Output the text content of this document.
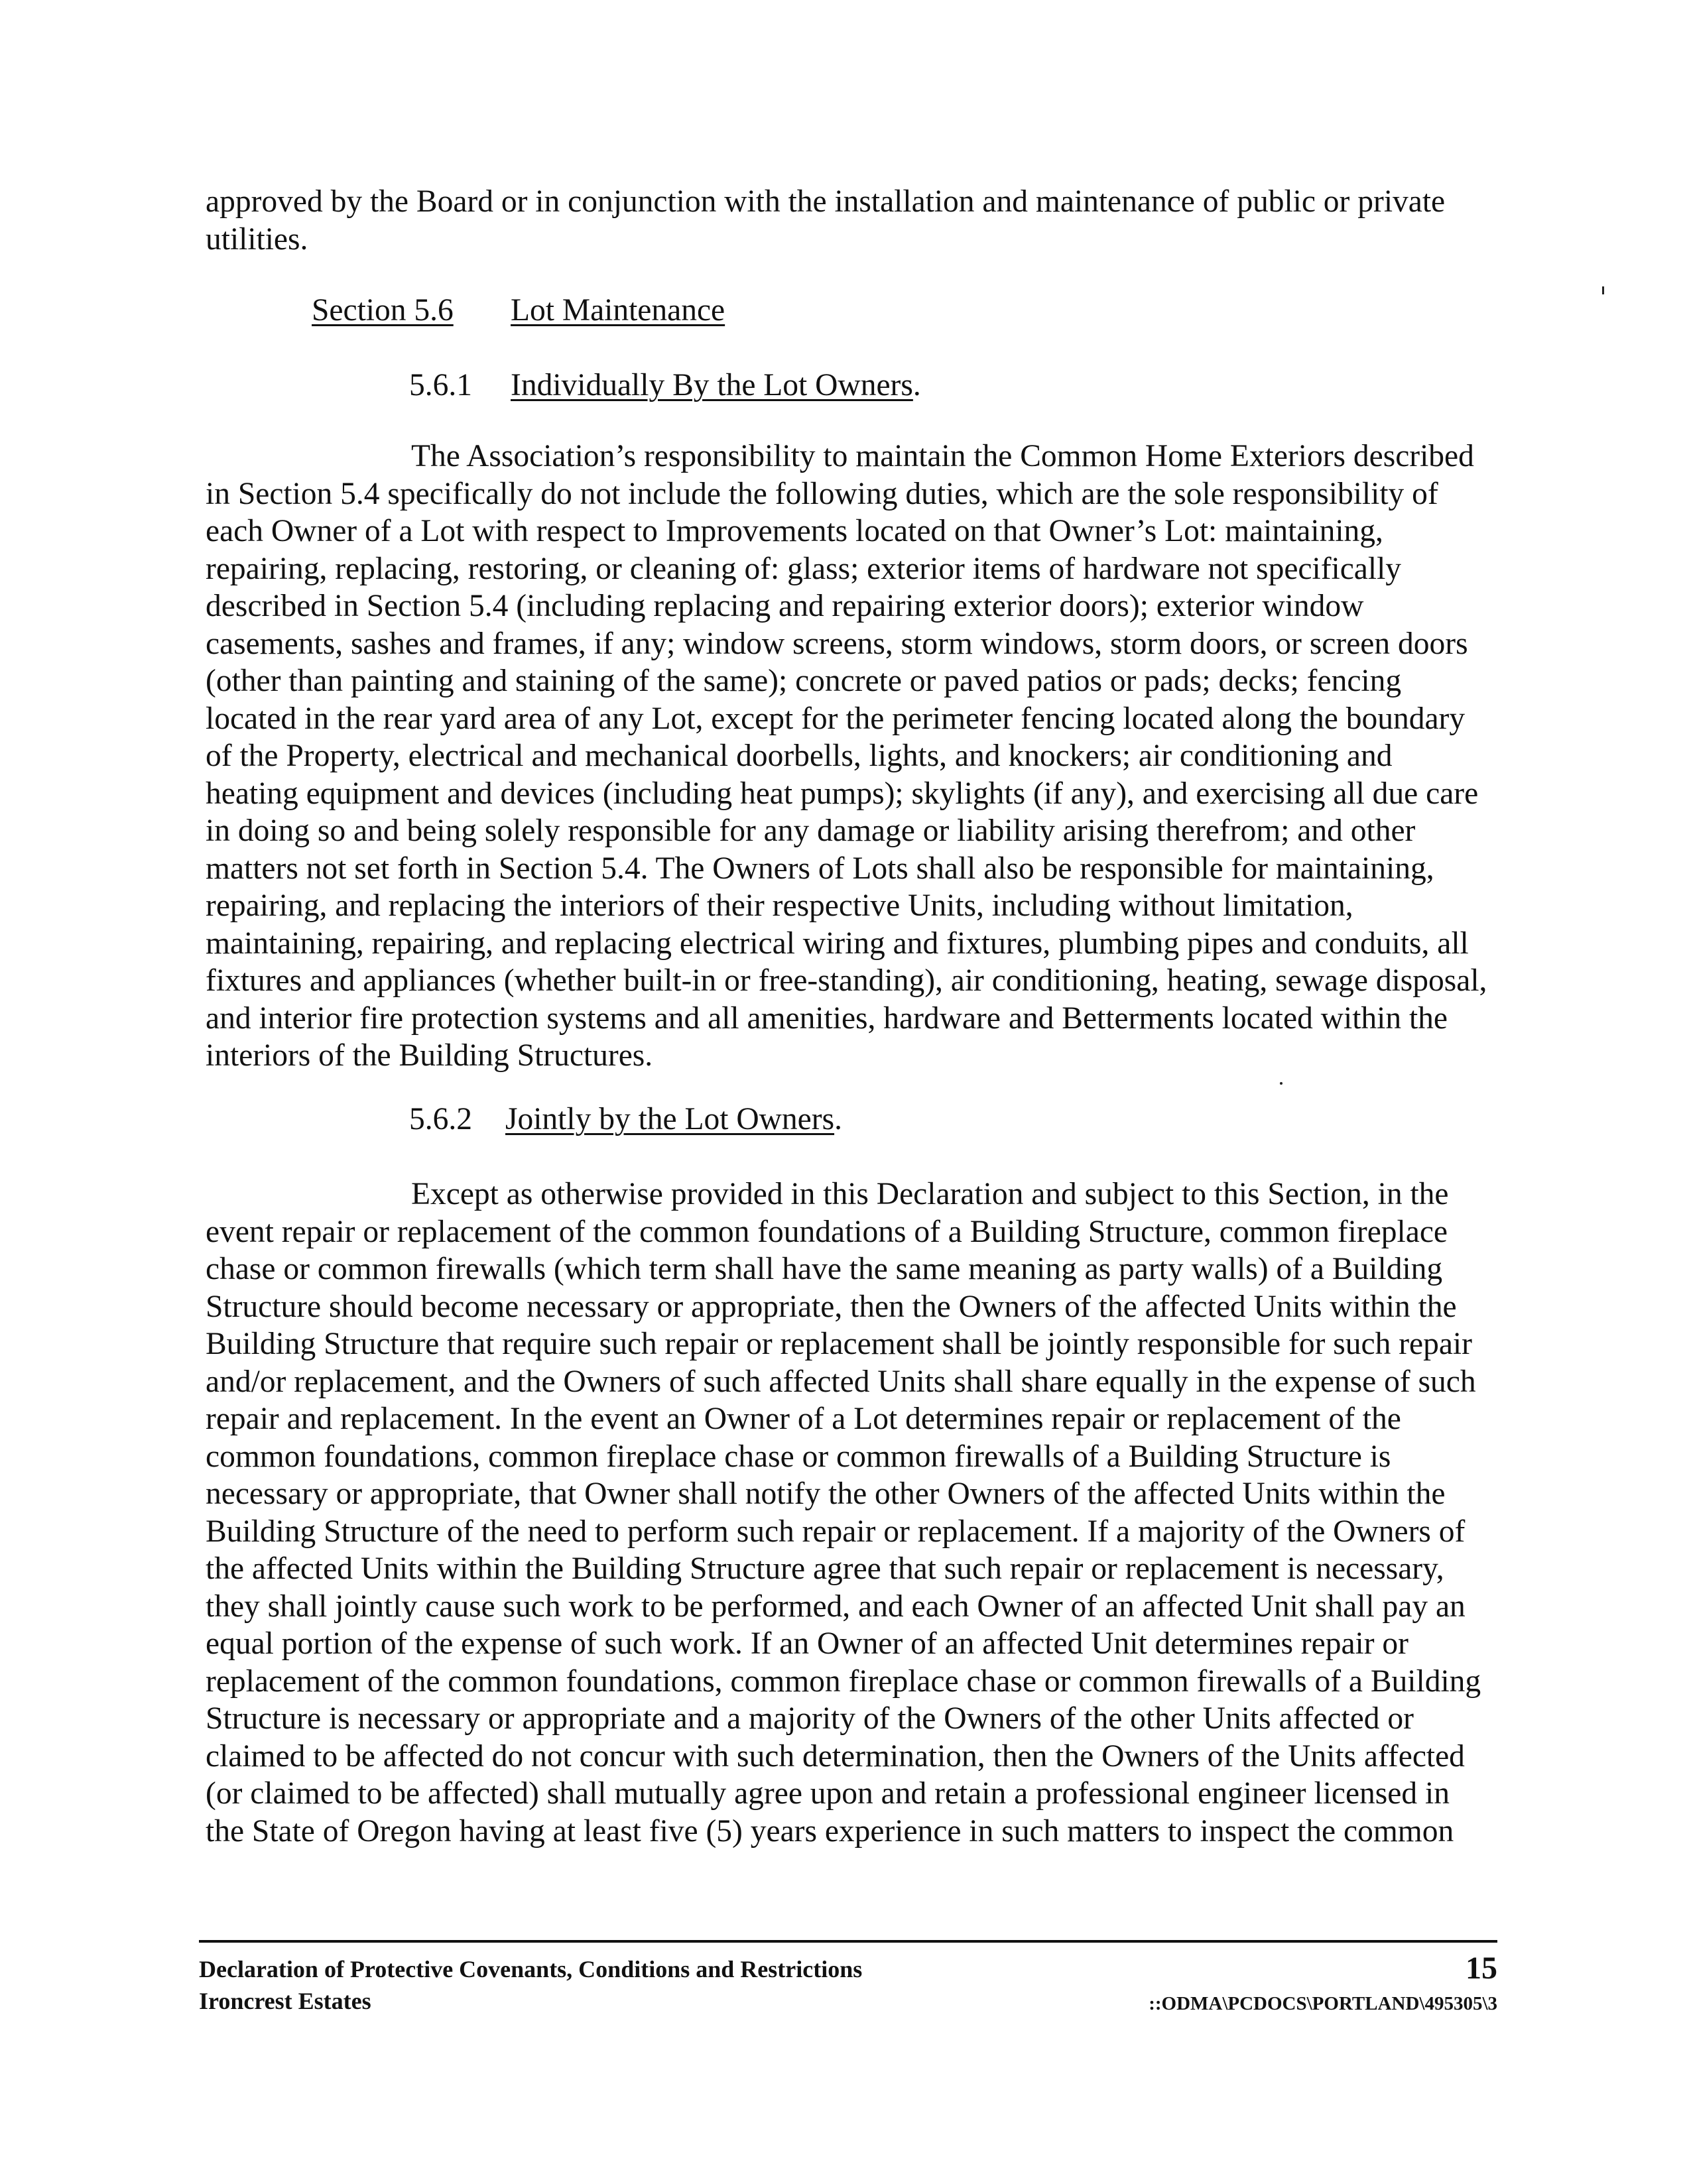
approved by the Board or in conjunction with the installation and maintenance of public or private utilities.

Section 5.6 Lot Maintenance
5.6.1 Individually By the Lot Owners.

The Association’s responsibility to maintain the Common Home Exteriors described in Section 5.4 specifically do not include the following duties, which are the sole responsibility of each Owner of a Lot with respect to Improvements located on that Owner’s Lot: maintaining, repairing, replacing, restoring, or cleaning of: glass; exterior items of hardware not specifically described in Section 5.4 (including replacing and repairing exterior doors); exterior window casements, sashes and frames, if any; window screens, storm windows, storm doors, or screen doors (other than painting and staining of the same); concrete or paved patios or pads; decks; fencing located in the rear yard area of any Lot, except for the perimeter fencing located along the boundary of the Property, electrical and mechanical doorbells, lights, and knockers; air conditioning and heating equipment and devices (including heat pumps); skylights (if any), and exercising all due care in doing so and being solely responsible for any damage or liability arising therefrom; and other matters not set forth in Section 5.4. The Owners of Lots shall also be responsible for maintaining, repairing, and replacing the interiors of their respective Units, including without limitation, maintaining, repairing, and replacing electrical wiring and fixtures, plumbing pipes and conduits, all fixtures and appliances (whether built-in or free-standing), air conditioning, heating, sewage disposal, and interior fire protection systems and all amenities, hardware and Betterments located within the interiors of the Building Structures.

5.6.2 Jointly by the Lot Owners.

Except as otherwise provided in this Declaration and subject to this Section, in the event repair or replacement of the common foundations of a Building Structure, common fireplace chase or common firewalls (which term shall have the same meaning as party walls) of a Building Structure should become necessary or appropriate, then the Owners of the affected Units within the Building Structure that require such repair or replacement shall be jointly responsible for such repair and/or replacement, and the Owners of such affected Units shall share equally in the expense of such repair and replacement. In the event an Owner of a Lot determines repair or replacement of the common foundations, common fireplace chase or common firewalls of a Building Structure is necessary or appropriate, that Owner shall notify the other Owners of the affected Units within the Building Structure of the need to perform such repair or replacement. If a majority of the Owners of the affected Units within the Building Structure agree that such repair or replacement is necessary, they shall jointly cause such work to be performed, and each Owner of an affected Unit shall pay an equal portion of the expense of such work. If an Owner of an affected Unit determines repair or replacement of the common foundations, common fireplace chase or common firewalls of a Building Structure is necessary or appropriate and a majority of the Owners of the other Units affected or claimed to be affected do not concur with such determination, then the Owners of the Units affected (or claimed to be affected) shall mutually agree upon and retain a professional engineer licensed in the State of Oregon having at least five (5) years experience in such matters to inspect the common

Declaration of Protective Covenants, Conditions and Restrictions
Ironcrest Estates
15
::ODMA\PCDOCS\PORTLAND\495305\3
